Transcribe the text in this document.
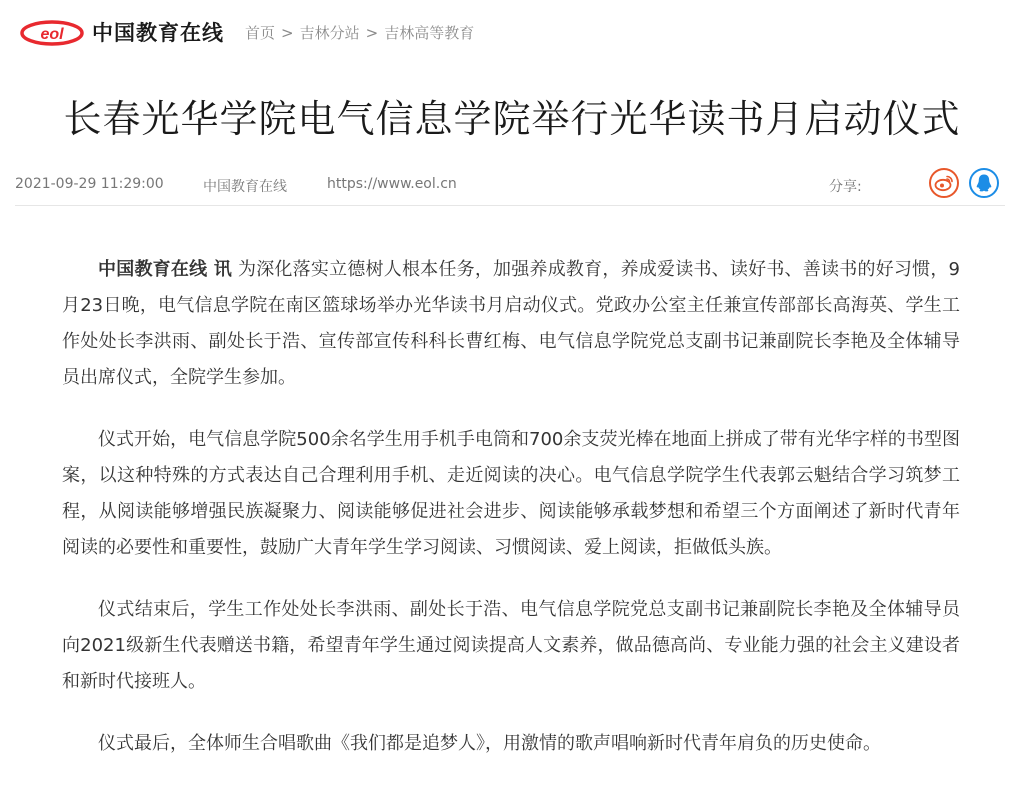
eol 中国教育在线 首页 > 吉林分站 > 吉林高等教育
长春光华学院电气信息学院举行光华读书月启动仪式
2021-09-29 11:29:00	中国教育在线	https://www.eol.cn	分享:

中国教育在线 讯 为深化落实立德树人根本任务，加强养成教育，养成爱读书、读好书、善读书的好习惯，9月23日晚，电气信息学院在南区篮球场举办光华读书月启动仪式。党政办公室主任兼宣传部部长高海英、学生工作处处长李洪雨、副处长于浩、宣传部宣传科科长曹红梅、电气信息学院党总支副书记兼副院长李艳及全体辅导员出席仪式，全院学生参加。

仪式开始，电气信息学院500余名学生用手机手电筒和700余支荧光棒在地面上拼成了带有光华字样的书型图案，以这种特殊的方式表达自己合理利用手机、走近阅读的决心。电气信息学院学生代表郭云魁结合学习筑梦工程，从阅读能够增强民族凝聚力、阅读能够促进社会进步、阅读能够承载梦想和希望三个方面阐述了新时代青年阅读的必要性和重要性，鼓励广大青年学生学习阅读、习惯阅读、爱上阅读，拒做低头族。

仪式结束后，学生工作处处长李洪雨、副处长于浩、电气信息学院党总支副书记兼副院长李艳及全体辅导员向2021级新生代表赠送书籍，希望青年学生通过阅读提高人文素养，做品德高尚、专业能力强的社会主义建设者和新时代接班人。

仪式最后，全体师生合唱歌曲《我们都是追梦人》，用激情的歌声唱响新时代青年肩负的历史使命。
